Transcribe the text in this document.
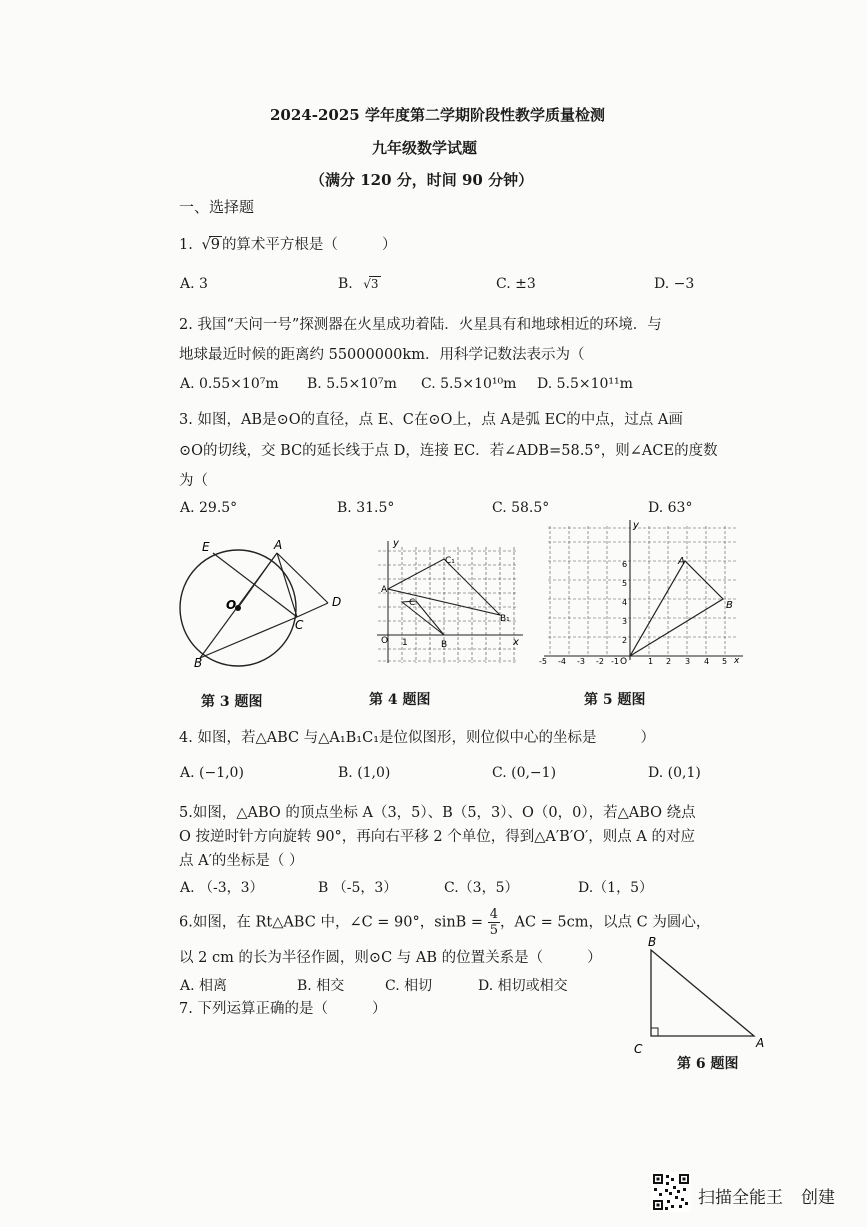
2024-2025 学年度第二学期阶段性教学质量检测
九年级数学试题
（满分 120 分，时间 90 分钟）
一、选择题
1. √9 的算术平方根是（	）
A. 3	B. √3	C. ±3	D. −3
2. 我国“天问一号”探测器在火星成功着陆．火星具有和地球相近的环境．与
地球最近时候的距离约 55000000km．用科学记数法表示为（
A. 0.55×10⁷m B. 5.5×10⁷m C. 5.5×10¹⁰m D. 5.5×10¹¹m
3. 如图，AB是⊙O的直径，点 E、C在⊙O上，点 A是弧 EC的中点，过点 A画
⊙O的切线，交 BC的延长线于点 D，连接 EC．若∠ADB=58.5°，则∠ACE的度数
为（
A. 29.5°	B. 31.5°	C. 58.5°	D. 63°
E	A
O
C
D
B
y
x
A
C₁
B₁
C
B
O 1
y
x
A
B
O
-5 -4 -3 -2 -1	1 2 3 4 5
6
5
4
3
2
第 3 题图	第 4 题图	第 5 题图
4. 如图，若△ABC 与△A₁B₁C₁是位似图形，则位似中心的坐标是	）
A. (−1,0)	B. (1,0)	C. (0,−1)	D. (0,1)
5.如图，△ABO 的顶点坐标 A（3，5）、B（5，3）、O（0，0），若△ABO 绕点
O 按逆时针方向旋转 90°，再向右平移 2 个单位，得到△A′B′O′，则点 A 的对应
点 A′的坐标是（ ）
A. （-3，3）	B （-5，3）	C.（3，5）	D.（1，5）
6.如图，在 Rt△ABC 中，∠C = 90°，$\sin B = \frac{4}{5}$ ，AC = 5cm，以点 C 为圆心，
以 2 cm 的长为半径作圆，则⊙C 与 AB 的位置关系是（	）
A. 相离	B. 相交	C. 相切	D. 相切或相交
B
C	A
7. 下列运算正确的是（	）
第 6 题图
扫描全能王 创建
